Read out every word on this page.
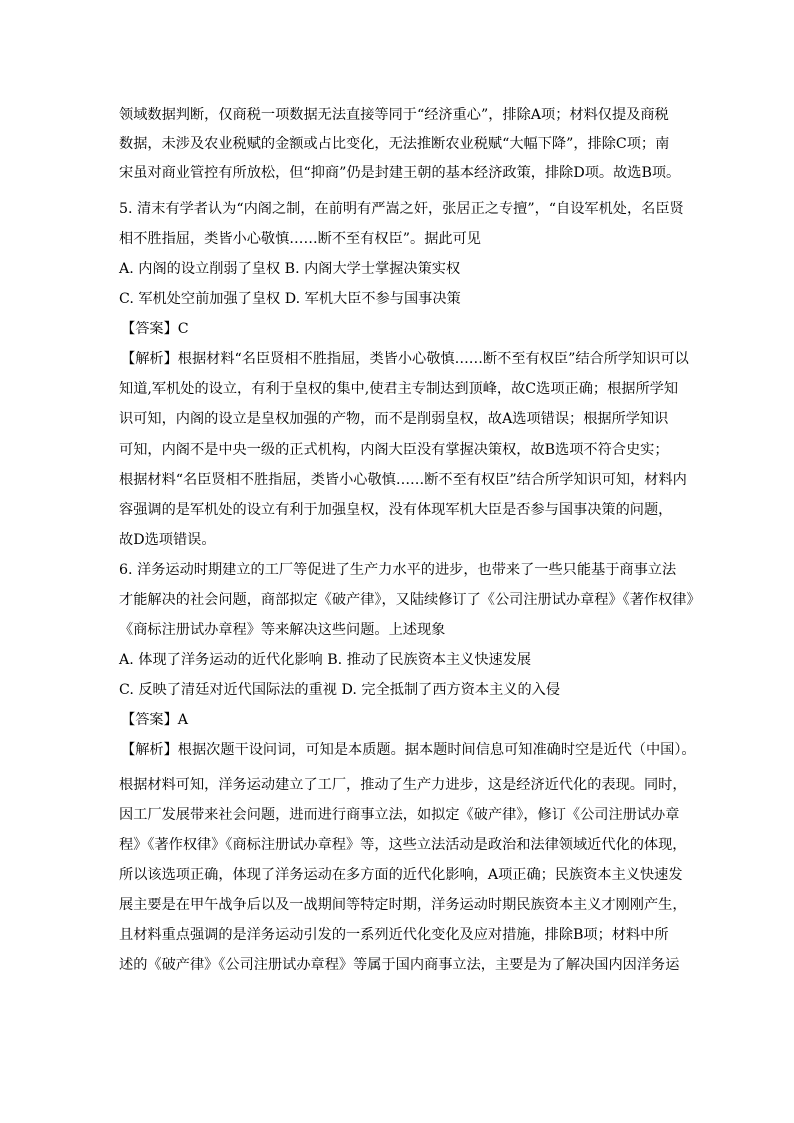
领域数据判断，仅商税一项数据无法直接等同于“经济重心”，排除A项；材料仅提及商税
数据，未涉及农业税赋的金额或占比变化，无法推断农业税赋“大幅下降”，排除C项；南
宋虽对商业管控有所放松，但“抑商”仍是封建王朝的基本经济政策，排除D项。故选B项。
5. 清末有学者认为“内阁之制，在前明有严嵩之奸，张居正之专擅”，“自设军机处，名臣贤
相不胜指屈，类皆小心敬慎……断不至有权臣”。据此可见
A. 内阁的设立削弱了皇权 B. 内阁大学士掌握决策实权
C. 军机处空前加强了皇权 D. 军机大臣不参与国事决策
【答案】C
【解析】根据材料“名臣贤相不胜指屈，类皆小心敬慎……断不至有权臣”结合所学知识可以
知道,军机处的设立，有利于皇权的集中,使君主专制达到顶峰，故C选项正确；根据所学知
识可知，内阁的设立是皇权加强的产物，而不是削弱皇权，故A选项错误；根据所学知识
可知，内阁不是中央一级的正式机构，内阁大臣没有掌握决策权，故B选项不符合史实；
根据材料“名臣贤相不胜指屈，类皆小心敬慎……断不至有权臣”结合所学知识可知，材料内
容强调的是军机处的设立有利于加强皇权，没有体现军机大臣是否参与国事决策的问题，
故D选项错误。
6. 洋务运动时期建立的工厂等促进了生产力水平的进步，也带来了一些只能基于商事立法
才能解决的社会问题，商部拟定《破产律》，又陆续修订了《公司注册试办章程》《著作权律》
《商标注册试办章程》等来解决这些问题。上述现象
A. 体现了洋务运动的近代化影响 B. 推动了民族资本主义快速发展
C. 反映了清廷对近代国际法的重视 D. 完全抵制了西方资本主义的入侵
【答案】A
【解析】根据次题干设问词，可知是本质题。据本题时间信息可知准确时空是近代（中国）。
根据材料可知，洋务运动建立了工厂，推动了生产力进步，这是经济近代化的表现。同时，
因工厂发展带来社会问题，进而进行商事立法，如拟定《破产律》，修订《公司注册试办章
程》《著作权律》《商标注册试办章程》等，这些立法活动是政治和法律领域近代化的体现，
所以该选项正确，体现了洋务运动在多方面的近代化影响，A项正确；民族资本主义快速发
展主要是在甲午战争后以及一战期间等特定时期，洋务运动时期民族资本主义才刚刚产生，
且材料重点强调的是洋务运动引发的一系列近代化变化及应对措施，排除B项；材料中所
述的《破产律》《公司注册试办章程》等属于国内商事立法，主要是为了解决国内因洋务运
